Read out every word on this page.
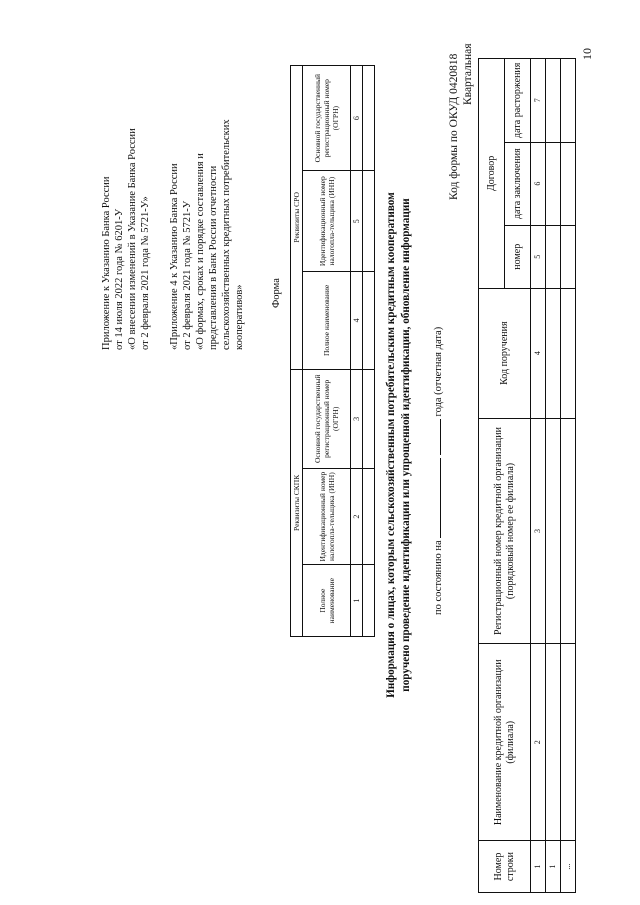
10
Приложение к Указанию Банка России от 14 июля 2022 года № 6201-У «О внесении изменений в Указание Банка России от 2 февраля 2021 года № 5721-У» «Приложение 4 к Указанию Банка России от 2 февраля 2021 года № 5721-У «О формах, сроках и порядке составления и представления в Банк России отчетности сельскохозяйственных кредитных потребительских кооперативов» Форма
Реквизиты СКПК			Реквизиты СРО		
Полное наименование	Идентификационный номер налогопла-тельщика (ИНН)	Основной государственный регистрационный номер (ОГРН)	Полное наименование	Идентификационный номер налогопла-тельщика (ИНН)	Основной государственный регистрационный номер (ОГРН)
1	2	3	4	5	6

Информация о лицах, которым сельскохозяйственным потребительским кредитным кооперативом поручено проведение идентификации или упрощенной идентификации, обновление информации по состоянию на   года (отчетная дата)
Код формы по ОКУД 0420818 Квартальная
Номер строки	Наименование кредитной организации (филиала)	Регистрационный номер кредитной организации (порядковый номер ее филиала)	Код поручения	Договор		
				номер	дата заключения	дата расторжения
1	2	3	4	5	6	7
1						
...						
